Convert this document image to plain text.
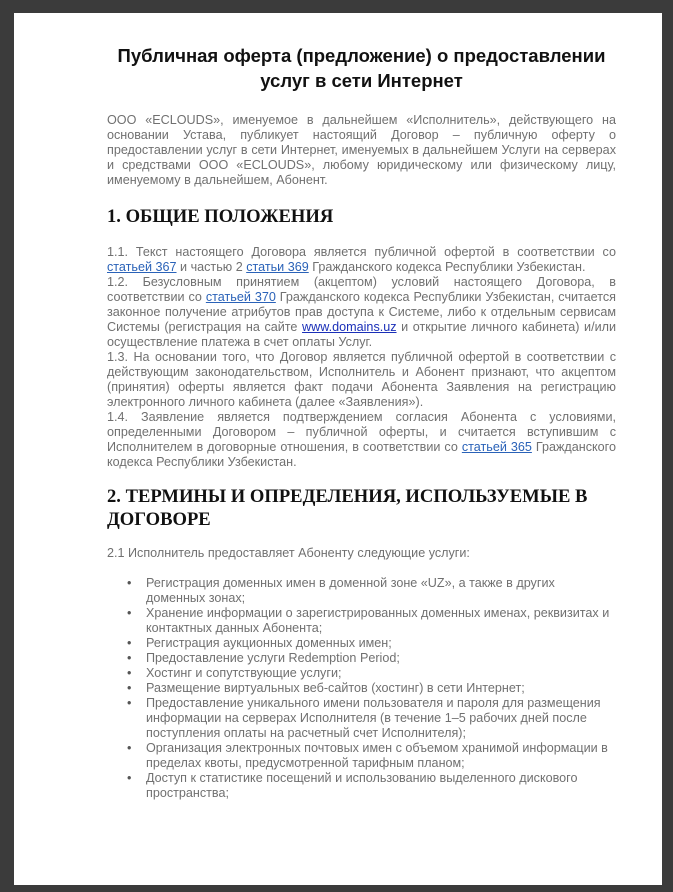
Публичная оферта (предложение) о предоставлении услуг в сети Интернет

ООО «ECLOUDS», именуемое в дальнейшем «Исполнитель», действующего на основании Устава, публикует настоящий Договор – публичную оферту о предоставлении услуг в сети Интернет, именуемых в дальнейшем Услуги на серверах и средствами ООО «ECLOUDS», любому юридическому или физическому лицу, именуемому в дальнейшем, Абонент.

1. ОБЩИЕ ПОЛОЖЕНИЯ

1.1. Текст настоящего Договора является публичной офертой в соответствии со статьей 367 и частью 2 статьи 369 Гражданского кодекса Республики Узбекистан.

1.2. Безусловным принятием (акцептом) условий настоящего Договора, в соответствии со статьей 370 Гражданского кодекса Республики Узбекистан, считается законное получение атрибутов прав доступа к Системе, либо к отдельным сервисам Системы (регистрация на сайте www.domains.uz и открытие личного кабинета) и/или осуществление платежа в счет оплаты Услуг.

1.3. На основании того, что Договор является публичной офертой в соответствии с действующим законодательством, Исполнитель и Абонент признают, что акцептом (принятия) оферты является факт подачи Абонента Заявления на регистрацию электронного личного кабинета (далее «Заявления»).

1.4. Заявление является подтверждением согласия Абонента с условиями, определенными Договором – публичной оферты, и считается вступившим с Исполнителем в договорные отношения, в соответствии со статьей 365 Гражданского кодекса Республики Узбекистан.

2. ТЕРМИНЫ И ОПРЕДЕЛЕНИЯ, ИСПОЛЬЗУЕМЫЕ В ДОГОВОРЕ

2.1 Исполнитель предоставляет Абоненту следующие услуги:

• Регистрация доменных имен в доменной зоне «UZ», а также в других доменных зонах;
• Хранение информации о зарегистрированных доменных именах, реквизитах и контактных данных Абонента;
• Регистрация аукционных доменных имен;
• Предоставление услуги Redemption Period;
• Хостинг и сопутствующие услуги;
• Размещение виртуальных веб-сайтов (хостинг) в сети Интернет;
• Предоставление уникального имени пользователя и пароля для размещения информации на серверах Исполнителя (в течение 1–5 рабочих дней после поступления оплаты на расчетный счет Исполнителя);
• Организация электронных почтовых имен с объемом хранимой информации в пределах квоты, предусмотренной тарифным планом;
• Доступ к статистике посещений и использованию выделенного дискового пространства;
